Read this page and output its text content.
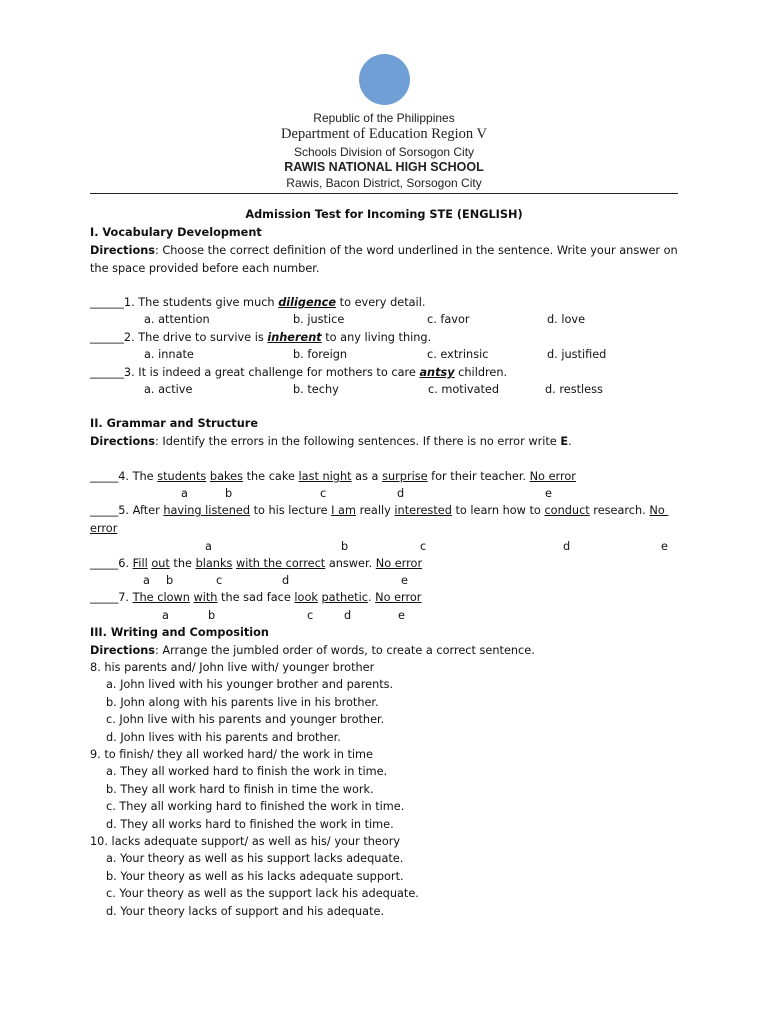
Republic of the Philippines
Department of Education Region V
Schools Division of Sorsogon City
RAWIS NATIONAL HIGH SCHOOL
Rawis, Bacon District, Sorsogon City
Admission Test for Incoming STE (ENGLISH)
I. Vocabulary Development
Directions: Choose the correct definition of the word underlined in the sentence. Write your answer on
the space provided before each number.
______1. The students give much diligence to every detail.
a. attention	b. justice	c. favor	d. love
______2. The drive to survive is inherent to any living thing.
a. innate	b. foreign	c. extrinsic	d. justified
______3. It is indeed a great challenge for mothers to care antsy children.
a. active	b. techy	c. motivated	d. restless
II. Grammar and Structure
Directions: Identify the errors in the following sentences. If there is no error write E.
_____4. The students bakes the cake last night as a surprise for their teacher. No error
a	b	c	d	e
_____5. After having listened to his lecture I am really interested to learn how to conduct research. No
error
a	b	c	d	e
_____6. Fill out the blanks with the correct answer. No error
a b	c	d	e
_____7. The clown with the sad face look pathetic. No error
a	b	c	d	e
III. Writing and Composition
Directions: Arrange the jumbled order of words, to create a correct sentence.
8. his parents and/ John live with/ younger brother
a. John lived with his younger brother and parents.
b. John along with his parents live in his brother.
c. John live with his parents and younger brother.
d. John lives with his parents and brother.
9. to finish/ they all worked hard/ the work in time
a. They all worked hard to finish the work in time.
b. They all work hard to finish in time the work.
c. They all working hard to finished the work in time.
d. They all works hard to finished the work in time.
10. lacks adequate support/ as well as his/ your theory
a. Your theory as well as his support lacks adequate.
b. Your theory as well as his lacks adequate support.
c. Your theory as well as the support lack his adequate.
d. Your theory lacks of support and his adequate.
